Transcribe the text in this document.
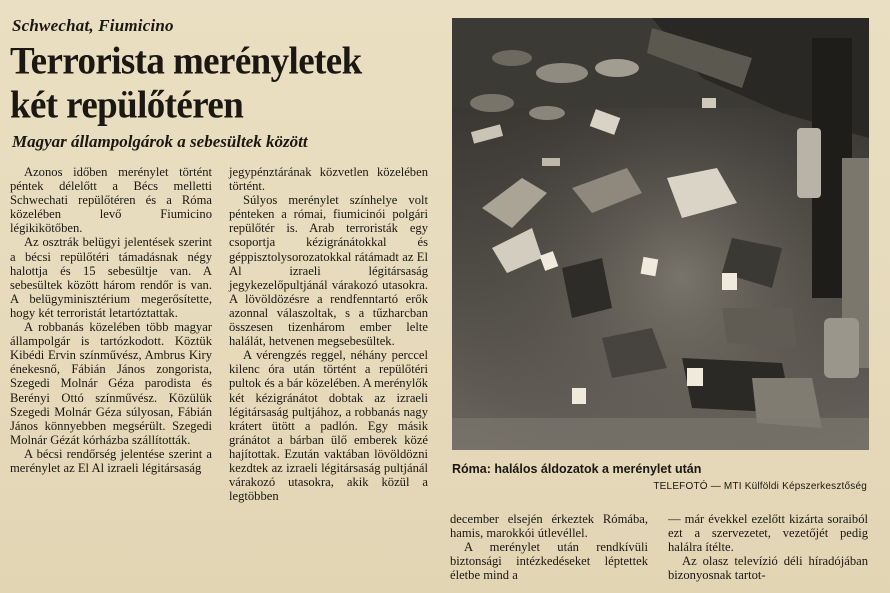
Schwechat, Fiumicino
Terrorista merényletek
két repülőtéren
Magyar állampolgárok a sebesültek között

Azonos időben merénylet történt péntek délelőtt a Bécs melletti Schwechati repülőtéren és a Róma közelében levő Fiumicino légikikötőben.

Az osztrák belügyi jelentések szerint a bécsi repülőtéri támadásnak négy halottja és 15 sebesültje van. A sebesültek között három rendőr is van. A belügyminisztérium megerősítette, hogy két terroristát letartóztattak.

A robbanás közelében több magyar állampolgár is tartózkodott. Köztük Kibédi Ervin színművész, Ambrus Kiry énekesnő, Fábián János zongorista, Szegedi Molnár Géza parodista és Berényi Ottó színművész. Közülük Szegedi Molnár Géza súlyosan, Fábián János könnyebben megsérült. Szegedi Molnár Gézát kórházba szállították.

A bécsi rendőrség jelentése szerint a merénylet az El Al izraeli légitársaság

jegypénztárának közvetlen közelében történt.

Súlyos merénylet színhelye volt pénteken a római, fiumicinói polgári repülőtér is. Arab terroristák egy csoportja kézigránátokkal és géppisztolysorozatokkal rátámadt az El Al izraeli légitársaság jegykezelőpultjánál várakozó utasokra. A lövöldözésre a rendfenntartó erők azonnal válaszoltak, s a tűzharcban összesen tizenhárom ember lelte halálát, hetvenen megsebesültek.

A vérengzés reggel, néhány perccel kilenc óra után történt a repülőtéri pultok és a bár közelében. A merénylők két kézigránátot dobtak az izraeli légitársaság pultjához, a robbanás nagy krátert ütött a padlón. Egy másik gránátot a bárban ülő emberek közé hajítottak. Ezután vaktában lövöldözni kezdtek az izraeli légitársaság pultjánál várakozó utasokra, akik közül a legtöbben

Róma: halálos áldozatok a merénylet után
TELEFOTÓ — MTI Külföldi Képszerkesztőség

december elsején érkeztek Rómába, hamis, marokkói útlevéllel.

A merénylet után rendkívüli biztonsági intézkedéseket léptettek életbe mind a

— már évekkel ezelőtt kizárta soraiból ezt a szervezetet, vezetőjét pedig halálra ítélte.

Az olasz televízió déli híradójában bizonyosnak tartot-
